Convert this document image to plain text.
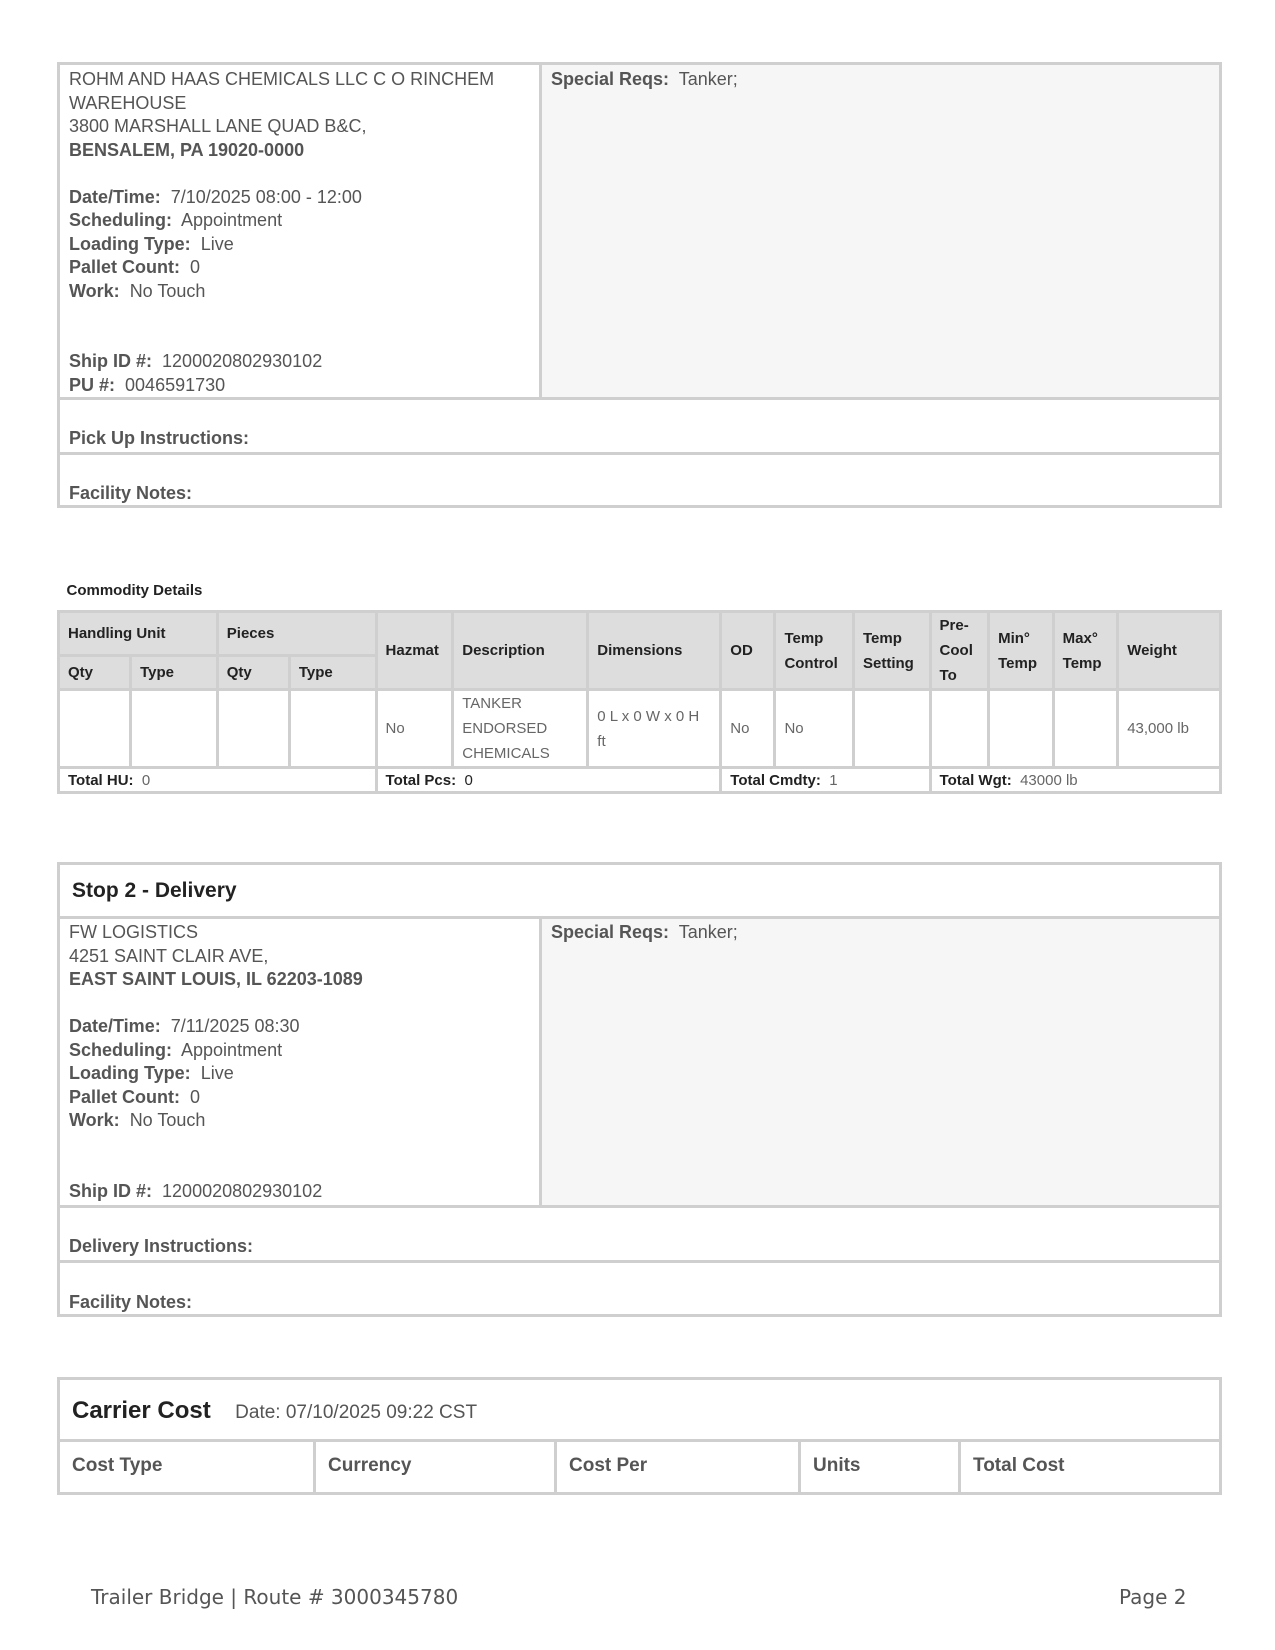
ROHM AND HAAS CHEMICALS LLC C O RINCHEM
WAREHOUSE
3800 MARSHALL LANE QUAD B&C,
BENSALEM, PA 19020-0000
Date/Time: 7/10/2025 08:00 - 12:00
Scheduling: Appointment
Loading Type: Live
Pallet Count: 0
Work: No Touch
Ship ID #: 1200020802930102
PU #: 0046591730
Special Reqs: Tanker;
Pick Up Instructions:
Facility Notes:
Commodity Details													
Handling Unit		Pieces		Hazmat	Description	Dimensions	OD	Temp Control	Temp Setting	Pre-Cool To	Min° Temp	Max° Temp	Weight
Qty	Type	Qty	Type										
				No	TANKER ENDORSED CHEMICALS	0 L x 0 W x 0 H ft	No	No					43,000 lb
Total HU: 0				Total Pcs: 0			Total Cmdty: 1			Total Wgt: 43000 lb			
Stop 2 - Delivery
FW LOGISTICS
4251 SAINT CLAIR AVE,
EAST SAINT LOUIS, IL 62203-1089
Date/Time: 7/11/2025 08:30
Scheduling: Appointment
Loading Type: Live
Pallet Count: 0
Work: No Touch
Ship ID #: 1200020802930102
Special Reqs: Tanker;
Delivery Instructions:
Facility Notes:
Carrier Cost Date: 07/10/2025 09:22 CST
Cost Type	Currency	Cost Per	Units	Total Cost
Trailer Bridge | Route # 3000345780	Page 2
